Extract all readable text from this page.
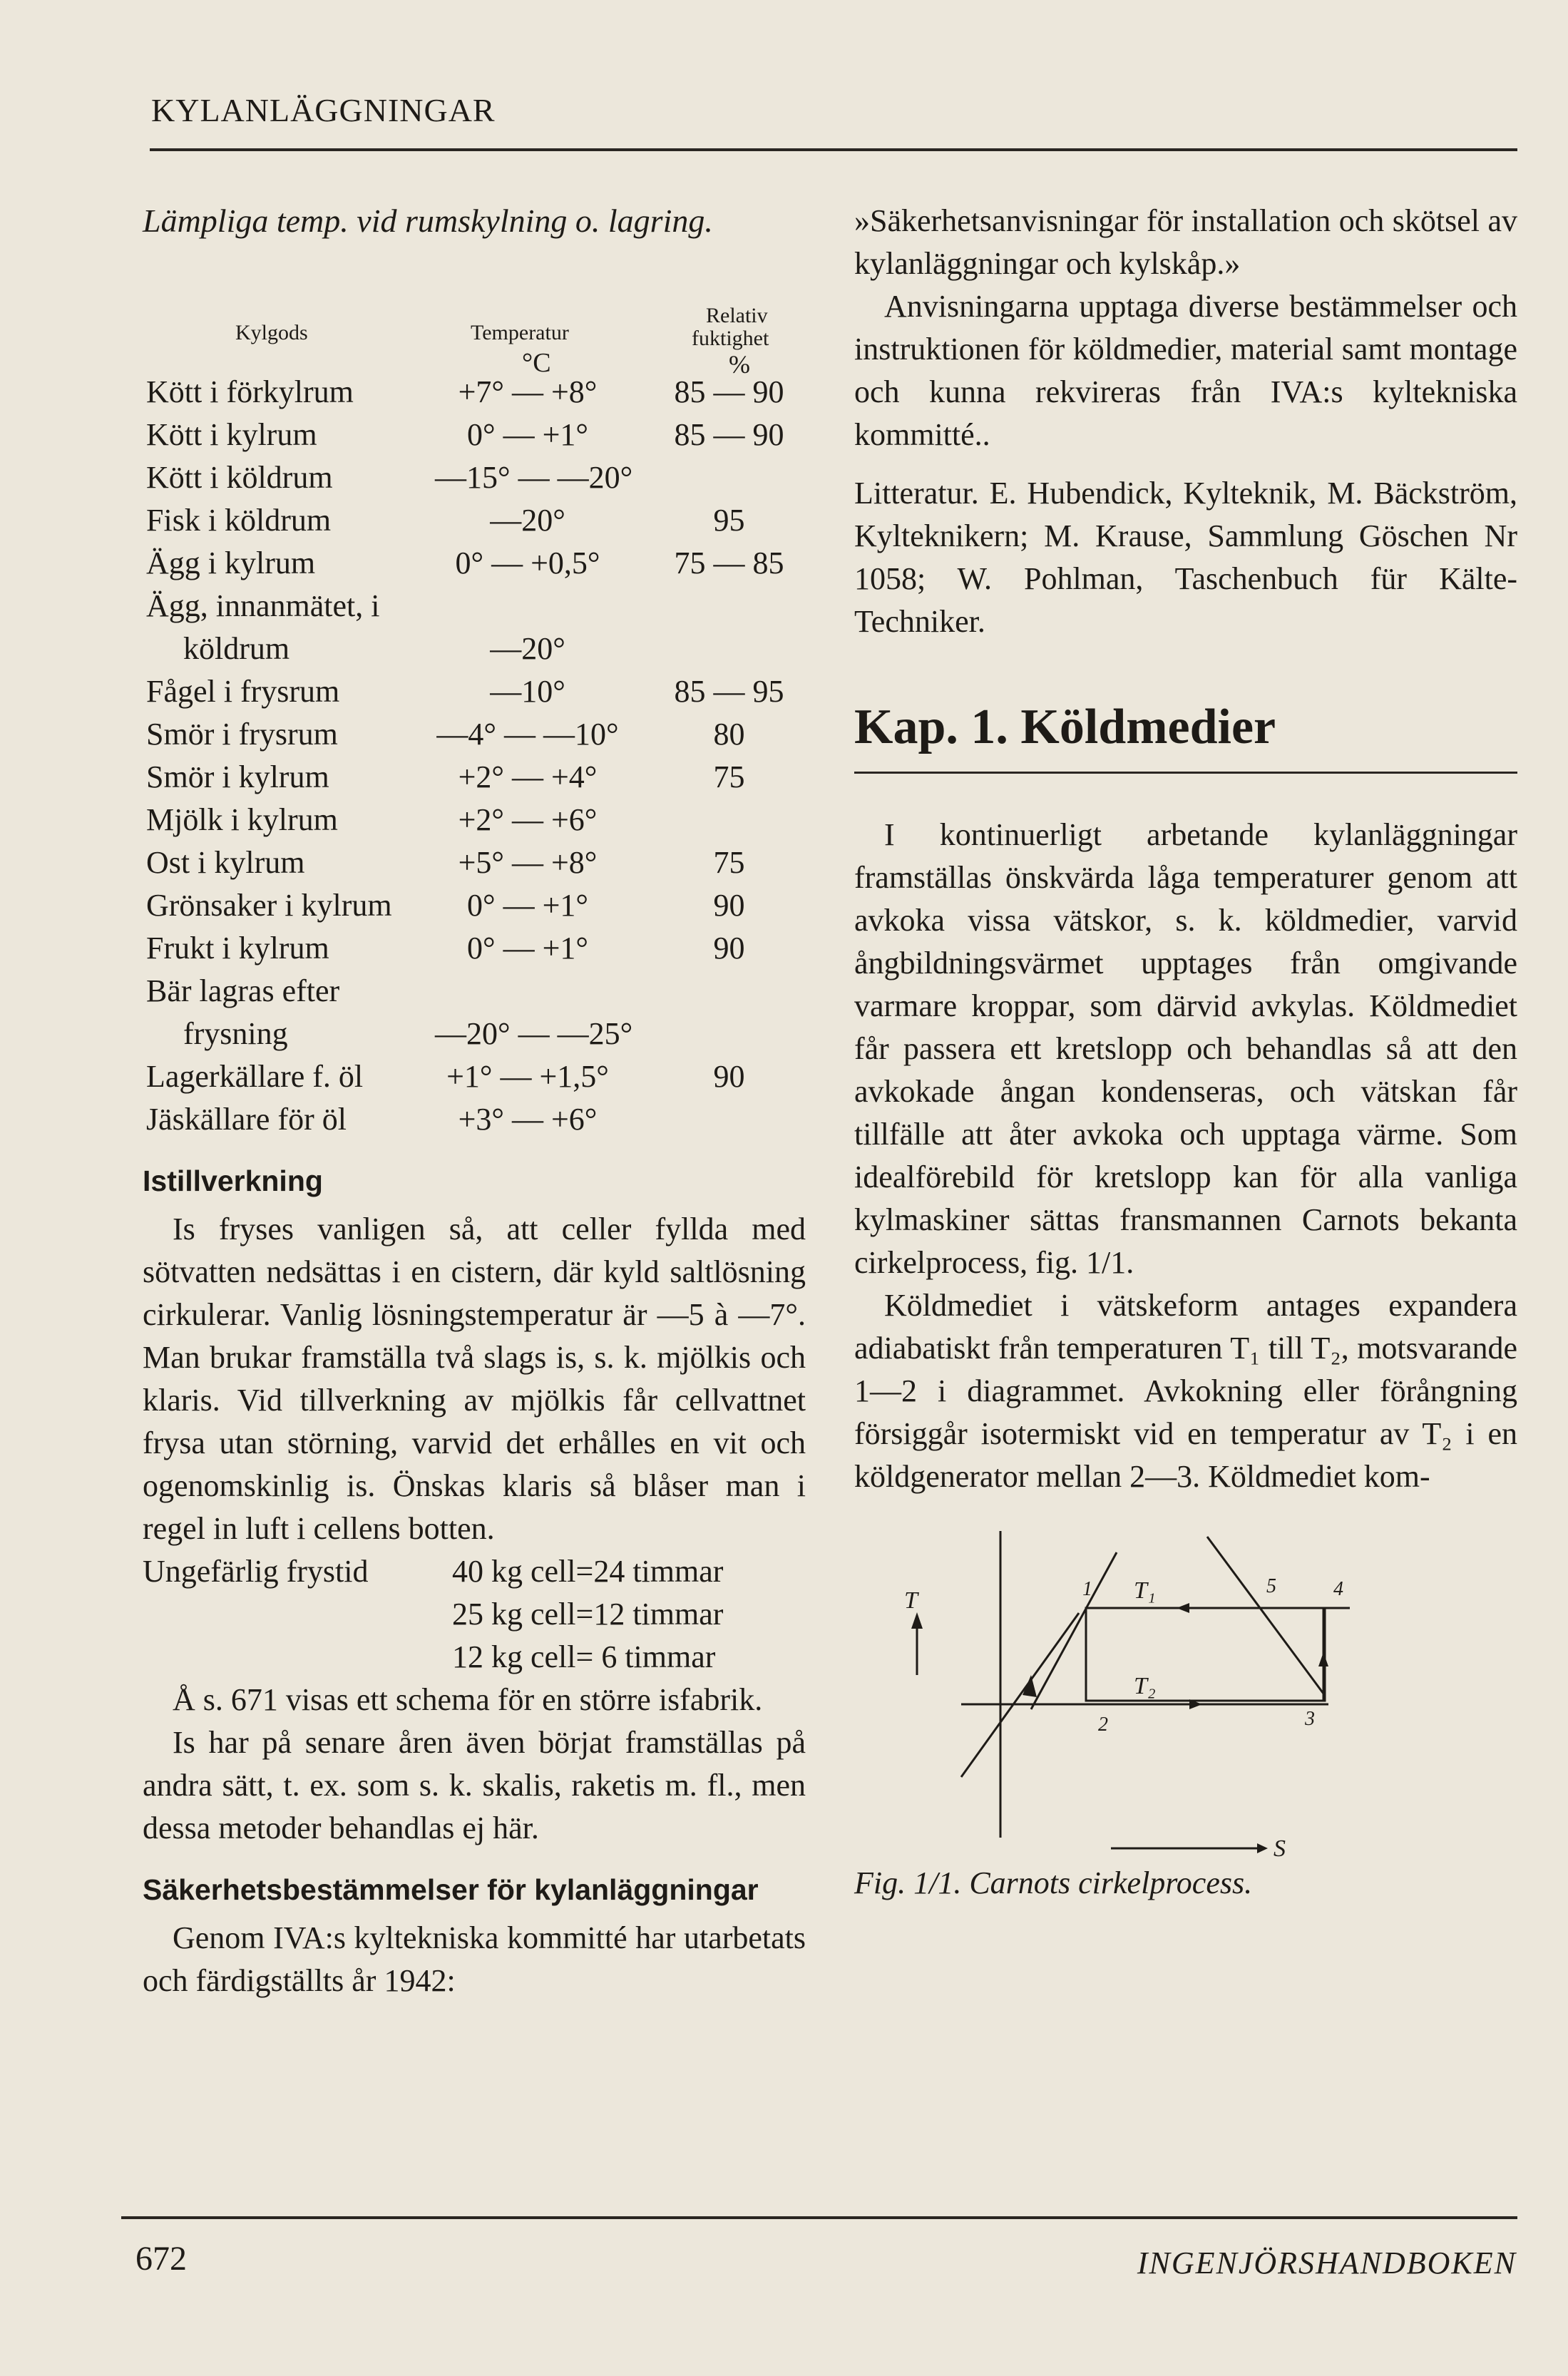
KYLANLÄGGNINGAR
Lämpliga temp. vid rumskylning o. lagring.
Kylgods	Temperatur
°C
Relativ
fuktighet
%
Kött i förkylrum	+7° — +8°	85 — 90
Kött i kylrum	0° — +1°	85 — 90
Kött i köldrum	—15° — —20°
Fisk i köldrum	—20°	95
Ägg i kylrum	0° — +0,5°	75 — 85
Ägg, innanmätet, i
köldrum	—20°
Fågel i frysrum	—10°	85 — 95
Smör i frysrum	—4° — —10°	80
Smör i kylrum	+2° — +4°	75
Mjölk i kylrum	+2° — +6°
Ost i kylrum	+5° — +8°	75
Grönsaker i kylrum	0° — +1°	90
Frukt i kylrum	0° — +1°	90
Bär lagras efter
frysning	—20° — —25°
Lagerkällare f. öl	+1° — +1,5°	90
Jäskällare för öl	+3° — +6°
Istillverkning

Is fryses vanligen så, att celler fyllda med sötvatten nedsättas i en cistern, där kyld saltlösning cirkulerar. Vanlig lösningstemperatur är —5 à —7°. Man brukar framställa två slags is, s. k. mjölkis och klaris. Vid tillverkning av mjölkis får cellvattnet frysa utan störning, varvid det erhålles en vit och ogenomskinlig is. Önskas klaris så blåser man i regel in luft i cellens botten.

Ungefärlig frystid	40 kg cell=24 timmar
25 kg cell=12 timmar
12 kg cell= 6 timmar

Å s. 671 visas ett schema för en större isfabrik.

Is har på senare åren även börjat framställas på andra sätt, t. ex. som s. k. skalis, raketis m. fl., men dessa metoder behandlas ej här.

Säkerhetsbestämmelser för kylanläggningar

Genom IVA:s kyltekniska kommitté har utarbetats och färdigställts år 1942:

»Säkerhetsanvisningar för installation och skötsel av kylanläggningar och kylskåp.»

Anvisningarna upptaga diverse bestämmelser och instruktionen för köldmedier, material samt montage och kunna rekvireras från IVA:s kyltekniska kommitté..

Litteratur. E. Hubendick, Kylteknik, M. Bäckström, Kylteknikern; M. Krause, Sammlung Göschen Nr 1058; W. Pohlman, Taschenbuch für Kälte-Techniker.

Kap. 1. Köldmedier

I kontinuerligt arbetande kylanläggningar framställas önskvärda låga temperaturer genom att avkoka vissa vätskor, s. k. köldmedier, varvid ångbildningsvärmet upptages från omgivande varmare kroppar, som därvid avkylas. Köldmediet får passera ett kretslopp och behandlas så att den avkokade ångan kondenseras, och vätskan får tillfälle att åter avkoka och upptaga värme. Som idealförebild för kretslopp kan för alla vanliga kylmaskiner sättas fransmannen Carnots bekanta cirkelprocess, fig. 1/1.

Köldmediet i vätskeform antages expandera adiabatiskt från temperaturen T₁ till T₂, motsvarande 1—2 i diagrammet. Avkokning eller förångning försiggår isotermiskt vid en temperatur av T₂ i en köldgenerator mellan 2—3. Köldmediet kom-

T
S
T₁
T₂
1
2	3
4
5
Fig. 1/1. Carnots cirkelprocess.
672	INGENJÖRSHANDBOKEN
